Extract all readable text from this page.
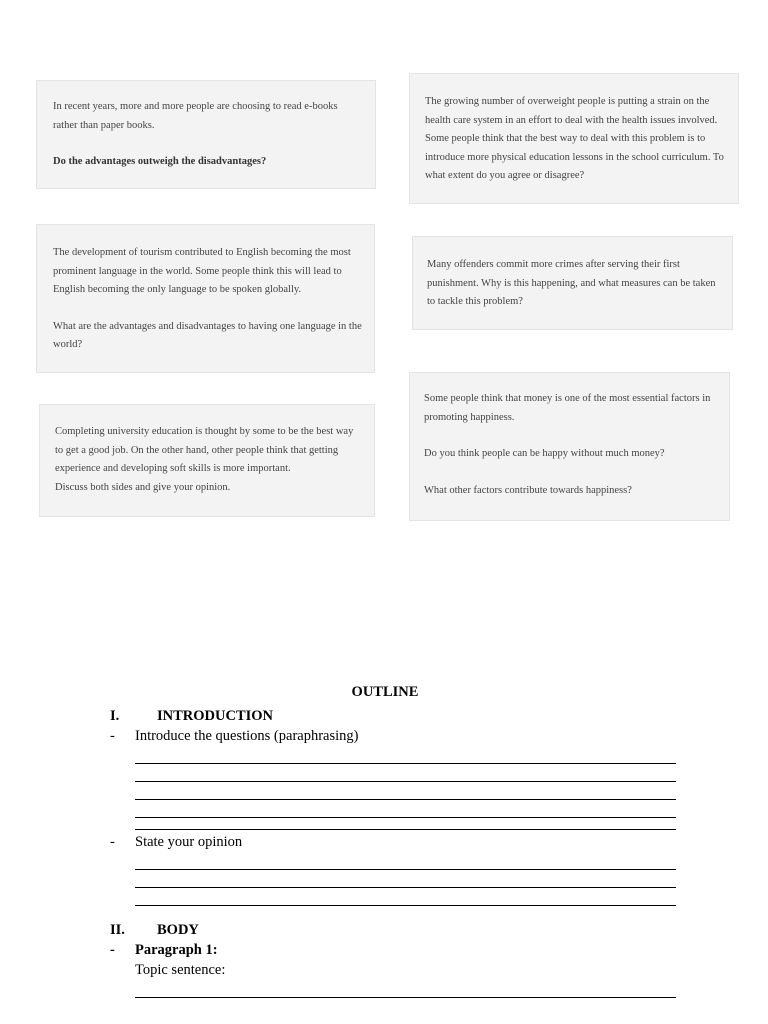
In recent years, more and more people are choosing to read e-books rather than paper books.

Do the advantages outweigh the disadvantages?

The growing number of overweight people is putting a strain on the health care system in an effort to deal with the health issues involved. Some people think that the best way to deal with this problem is to introduce more physical education lessons in the school curriculum. To what extent do you agree or disagree?

The development of tourism contributed to English becoming the most prominent language in the world. Some people think this will lead to English becoming the only language to be spoken globally.

What are the advantages and disadvantages to having one language in the world?

Many offenders commit more crimes after serving their first punishment. Why is this happening, and what measures can be taken to tackle this problem?

Completing university education is thought by some to be the best way to get a good job. On the other hand, other people think that getting experience and developing soft skills is more important.

Discuss both sides and give your opinion.

Some people think that money is one of the most essential factors in promoting happiness.

Do you think people can be happy without much money?

What other factors contribute towards happiness?

OUTLINE
I.	INTRODUCTION
-	Introduce the questions (paraphrasing)
-	State your opinion
II.	BODY
-	Paragraph 1:
Topic sentence:
